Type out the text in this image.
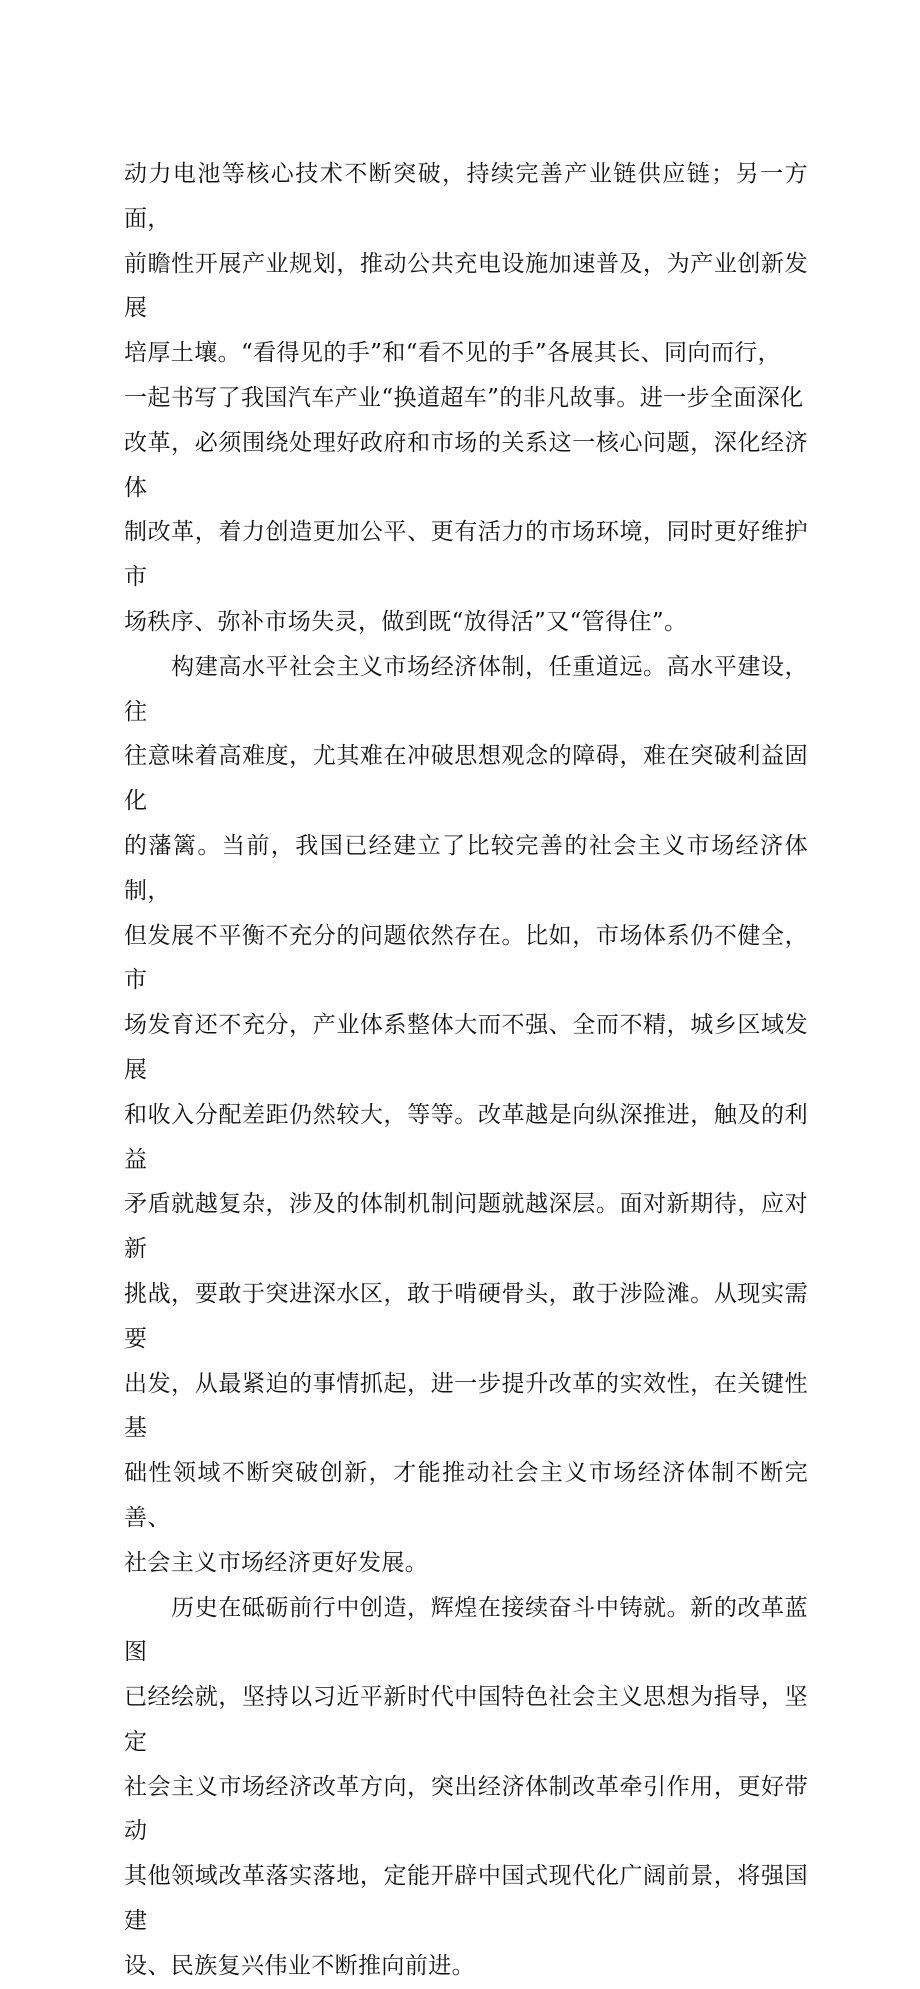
动力电池等核心技术不断突破，持续完善产业链供应链；另一方面，
前瞻性开展产业规划，推动公共充电设施加速普及，为产业创新发展
培厚土壤。“看得见的手”和“看不见的手”各展其长、同向而行，
一起书写了我国汽车产业“换道超车”的非凡故事。进一步全面深化
改革，必须围绕处理好政府和市场的关系这一核心问题，深化经济体
制改革，着力创造更加公平、更有活力的市场环境，同时更好维护市
场秩序、弥补市场失灵，做到既“放得活”又“管得住”。

　　构建高水平社会主义市场经济体制，任重道远。高水平建设，往
往意味着高难度，尤其难在冲破思想观念的障碍，难在突破利益固化
的藩篱。当前，我国已经建立了比较完善的社会主义市场经济体制，
但发展不平衡不充分的问题依然存在。比如，市场体系仍不健全，市
场发育还不充分，产业体系整体大而不强、全而不精，城乡区域发展
和收入分配差距仍然较大，等等。改革越是向纵深推进，触及的利益
矛盾就越复杂，涉及的体制机制问题就越深层。面对新期待，应对新
挑战，要敢于突进深水区，敢于啃硬骨头，敢于涉险滩。从现实需要
出发，从最紧迫的事情抓起，进一步提升改革的实效性，在关键性基
础性领域不断突破创新，才能推动社会主义市场经济体制不断完善、
社会主义市场经济更好发展。

　　历史在砥砺前行中创造，辉煌在接续奋斗中铸就。新的改革蓝图
已经绘就，坚持以习近平新时代中国特色社会主义思想为指导，坚定
社会主义市场经济改革方向，突出经济体制改革牵引作用，更好带动
其他领域改革落实落地，定能开辟中国式现代化广阔前景，将强国建
设、民族复兴伟业不断推向前进。
